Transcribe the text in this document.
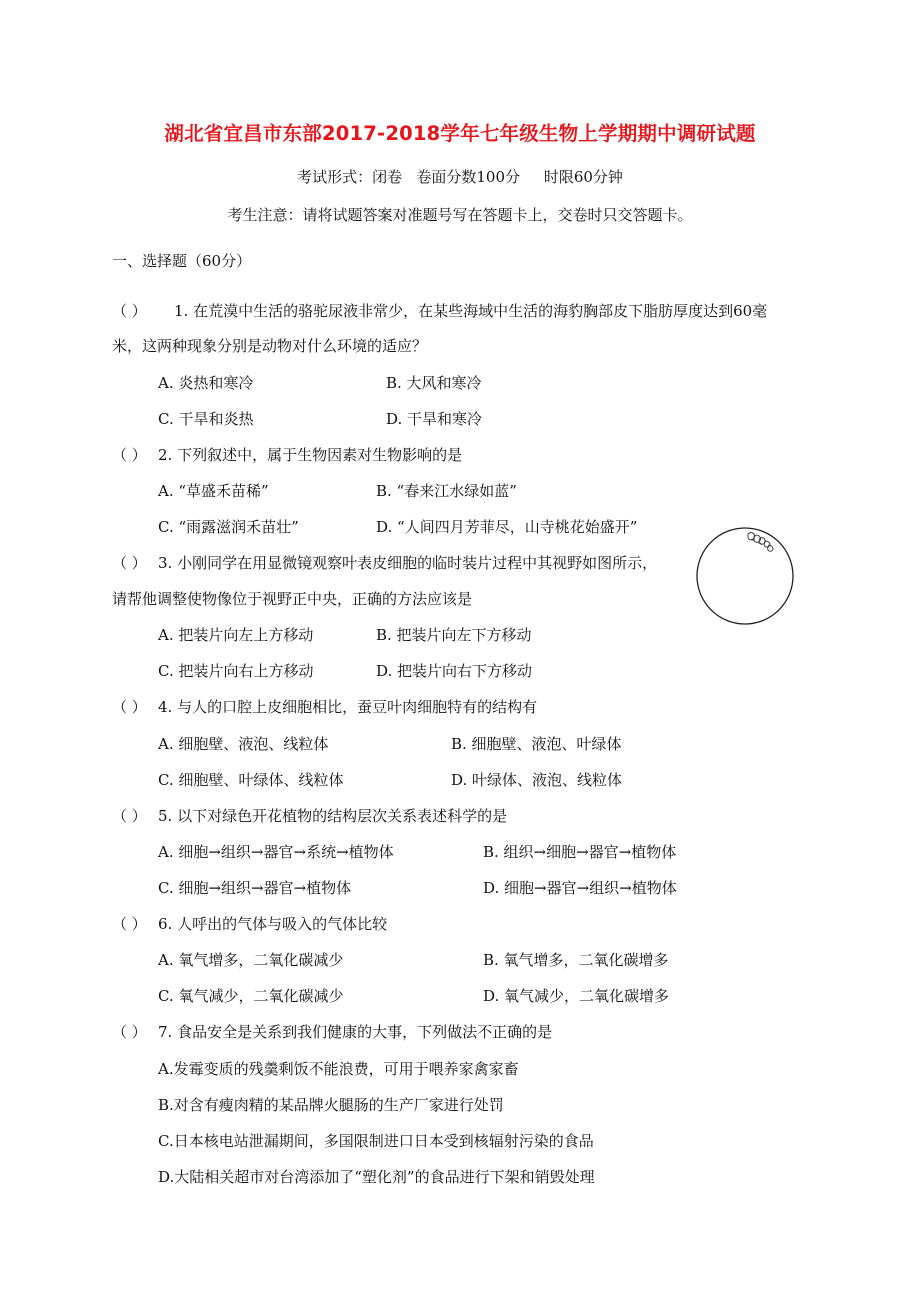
湖北省宜昌市东部2017-2018学年七年级生物上学期期中调研试题
考试形式：闭卷   卷面分数100分     时限60分钟
考生注意：请将试题答案对准题号写在答题卡上，交卷时只交答题卡。
一、选择题（60分）
（ ） 1. 在荒漠中生活的骆驼尿液非常少，在某些海域中生活的海豹胸部皮下脂肪厚度达到60毫
米，这两种现象分别是动物对什么环境的适应？
A. 炎热和寒冷	B. 大风和寒冷
C. 干旱和炎热	D. 干旱和寒冷
（ ） 2. 下列叙述中，属于生物因素对生物影响的是
A. “草盛禾苗稀”	B. “春来江水绿如蓝”
C. “雨露滋润禾苗壮”	D. “人间四月芳菲尽，山寺桃花始盛开”
（ ） 3. 小刚同学在用显微镜观察叶表皮细胞的临时装片过程中其视野如图所示，
请帮他调整使物像位于视野正中央，正确的方法应该是
A. 把装片向左上方移动	B. 把装片向左下方移动
C. 把装片向右上方移动	D. 把装片向右下方移动
（ ） 4. 与人的口腔上皮细胞相比，蚕豆叶肉细胞特有的结构有
A. 细胞壁、液泡、线粒体	B. 细胞壁、液泡、叶绿体
C. 细胞壁、叶绿体、线粒体	D. 叶绿体、液泡、线粒体
（ ） 5. 以下对绿色开花植物的结构层次关系表述科学的是
A. 细胞→组织→器官→系统→植物体	B. 组织→细胞→器官→植物体
C. 细胞→组织→器官→植物体	D. 细胞→器官→组织→植物体
（ ） 6. 人呼出的气体与吸入的气体比较
A. 氧气增多，二氧化碳减少	B. 氧气增多，二氧化碳增多
C. 氧气减少，二氧化碳减少	D. 氧气减少，二氧化碳增多
（ ） 7. 食品安全是关系到我们健康的大事，下列做法不正确的是
A.发霉变质的残羹剩饭不能浪费，可用于喂养家禽家畜
B.对含有瘦肉精的某品牌火腿肠的生产厂家进行处罚
C.日本核电站泄漏期间，多国限制进口日本受到核辐射污染的食品
D.大陆相关超市对台湾添加了“塑化剂”的食品进行下架和销毁处理
